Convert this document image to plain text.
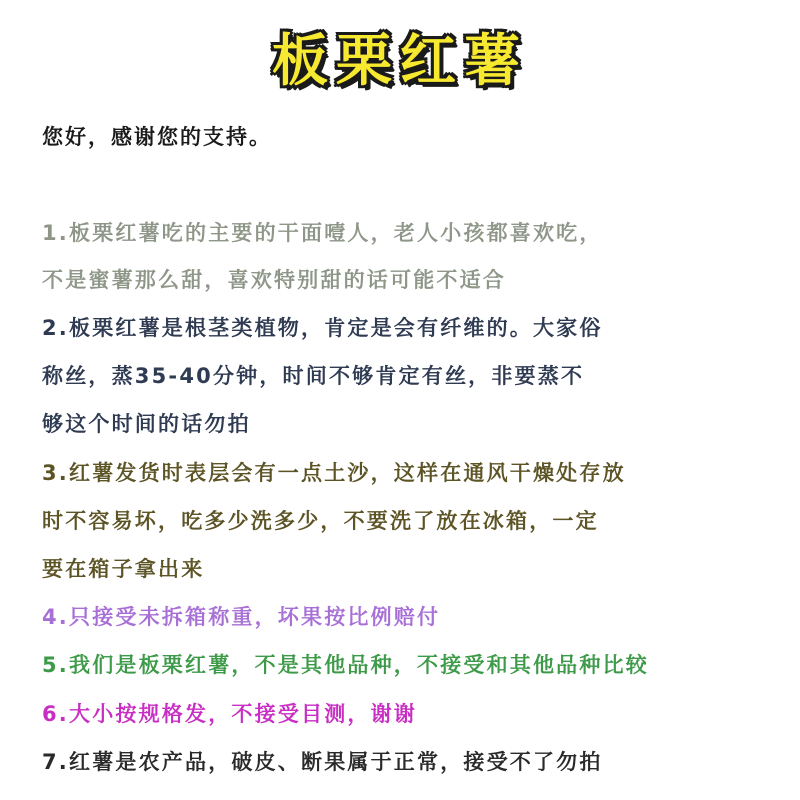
板栗红薯
您好，感谢您的支持。
1.板栗红薯吃的主要的干面噎人，老人小孩都喜欢吃，
不是蜜薯那么甜，喜欢特别甜的话可能不适合
2.板栗红薯是根茎类植物，肯定是会有纤维的。大家俗
称丝，蒸35-40分钟，时间不够肯定有丝，非要蒸不
够这个时间的话勿拍
3.红薯发货时表层会有一点土沙，这样在通风干燥处存放
时不容易坏，吃多少洗多少，不要洗了放在冰箱，一定
要在箱子拿出来
4.只接受未拆箱称重，坏果按比例赔付
5.我们是板栗红薯，不是其他品种，不接受和其他品种比较
6.大小按规格发，不接受目测，谢谢
7.红薯是农产品，破皮、断果属于正常，接受不了勿拍
